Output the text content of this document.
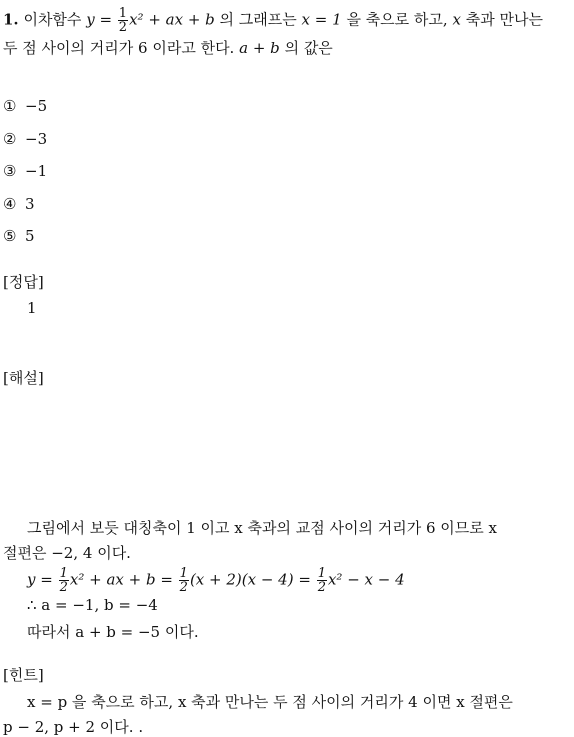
1. 이차함수 $y = \frac{1}{2} x^2$ + ax + b 의 그래프는 x = 1 을 축으로 하고, x 축과 만나는
두 점 사이의 거리가 6 이라고 한다. a + b 의 값은
① −5
② −3
③ −1
④ 3
⑤ 5
[정답]
1
[해설]
그림에서 보듯 대칭축이 1 이고 x 축과의 교점 사이의 거리가 6 이므로 x
절편은 −2, 4 이다.
$y = \frac{1}{2} x^2$ + ax + $b = \frac{1}{2} (x + 2)(x - 4) = \frac{1}{2} x^2 - x - 4$
∴ a = −1, b = −4
따라서 a + b = −5 이다.
[힌트]
x = p 을 축으로 하고, x 축과 만나는 두 점 사이의 거리가 4 이면 x 절편은
p − 2, p + 2 이다. .
